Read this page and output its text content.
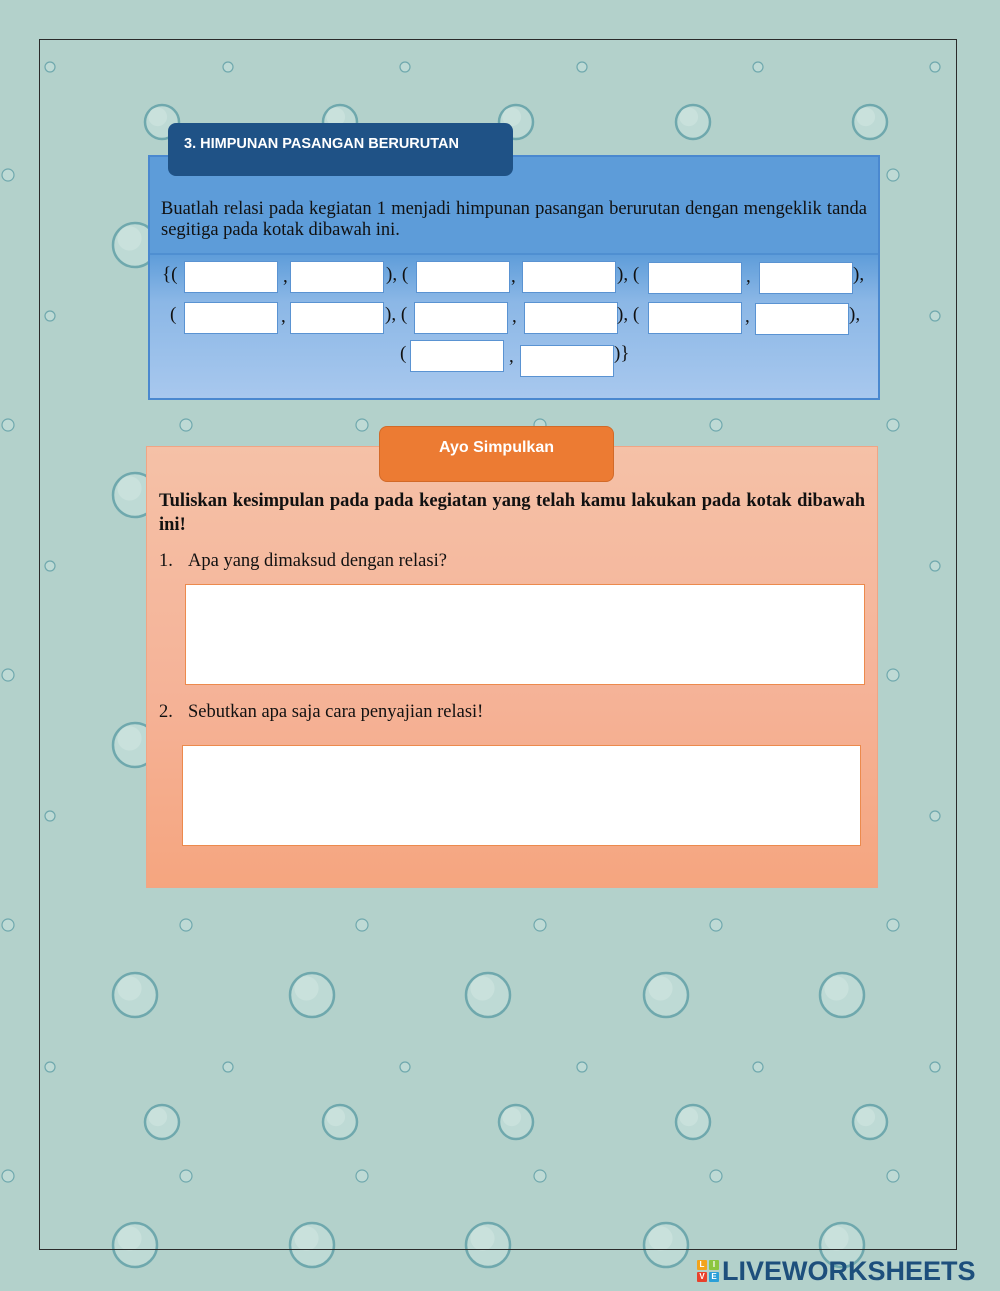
3. HIMPUNAN PASANGAN BERURUTAN
Buatlah relasi pada kegiatan 1 menjadi himpunan pasangan berurutan dengan mengeklik tanda segitiga pada kotak dibawah ini.
{(	,	), (	,	), (	,	),
(	,	), (	,	), (	,	),
(	,	)}
Ayo Simpulkan
Tuliskan kesimpulan pada pada kegiatan yang telah kamu lakukan pada kotak dibawah ini!
1. Apa yang dimaksud dengan relasi?
2. Sebutkan apa saja cara penyajian relasi!
L	I
V E LIVEWORKSHEETS
